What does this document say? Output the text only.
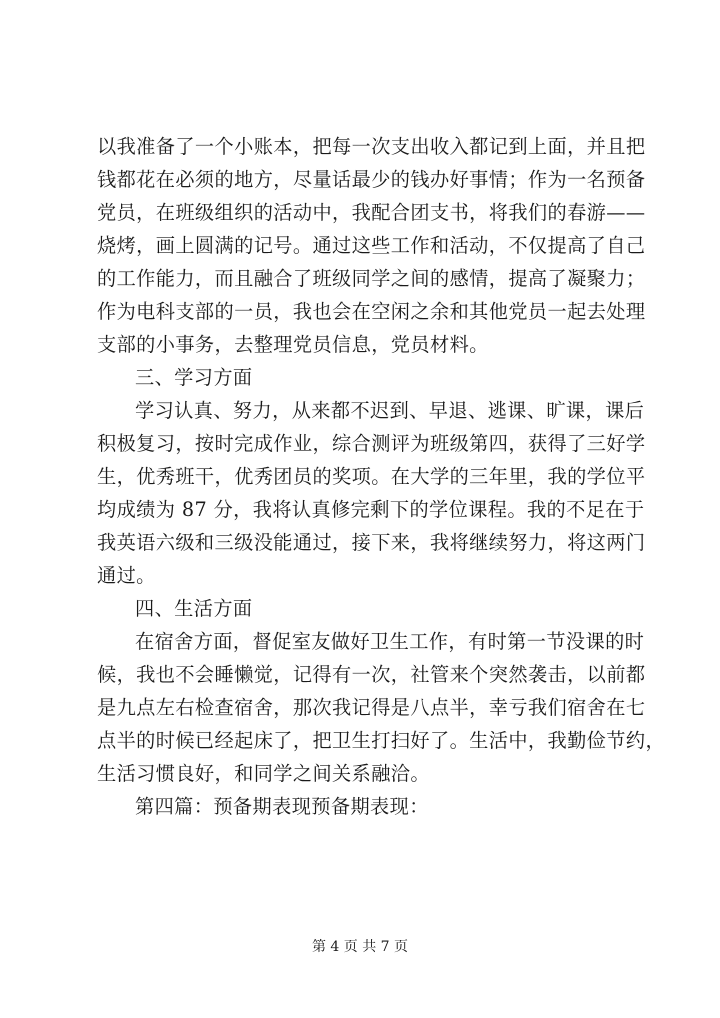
以我准备了一个小账本，把每一次支出收入都记到上面，并且把
钱都花在必须的地方，尽量话最少的钱办好事情；作为一名预备
党员，在班级组织的活动中，我配合团支书，将我们的春游——
烧烤，画上圆满的记号。通过这些工作和活动，不仅提高了自己
的工作能力，而且融合了班级同学之间的感情，提高了凝聚力；
作为电科支部的一员，我也会在空闲之余和其他党员一起去处理
支部的小事务，去整理党员信息，党员材料。
三、学习方面
学习认真、努力，从来都不迟到、早退、逃课、旷课，课后
积极复习，按时完成作业，综合测评为班级第四，获得了三好学
生，优秀班干，优秀团员的奖项。在大学的三年里，我的学位平
均成绩为 87 分，我将认真修完剩下的学位课程。我的不足在于
我英语六级和三级没能通过，接下来，我将继续努力，将这两门
通过。
四、生活方面
在宿舍方面，督促室友做好卫生工作，有时第一节没课的时
候，我也不会睡懒觉，记得有一次，社管来个突然袭击，以前都
是九点左右检查宿舍，那次我记得是八点半，幸亏我们宿舍在七
点半的时候已经起床了，把卫生打扫好了。生活中，我勤俭节约，
生活习惯良好，和同学之间关系融洽。
第四篇：预备期表现预备期表现：
第 4 页 共 7 页
